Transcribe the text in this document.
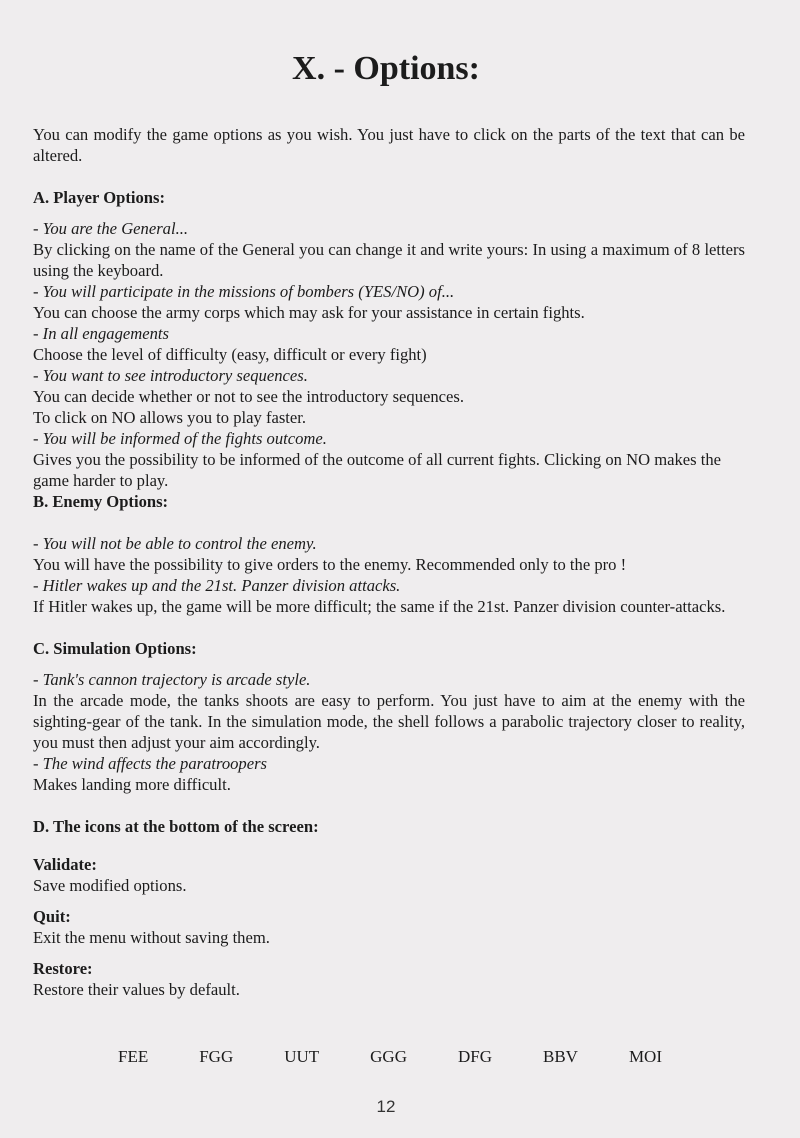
X. - Options:

You can modify the game options as you wish. You just have to click on the parts of the text that can be altered.

A. Player Options:

- You are the General...

By clicking on the name of the General you can change it and write yours: In using a maximum of 8 letters using the keyboard.

- You will participate in the missions of bombers (YES/NO) of...

You can choose the army corps which may ask for your assistance in certain fights.

- In all engagements

Choose the level of difficulty (easy, difficult or every fight)

- You want to see introductory sequences.

You can decide whether or not to see the introductory sequences.

To click on NO allows you to play faster.

- You will be informed of the fights outcome.

Gives you the possibility to be informed of the outcome of all current fights. Clicking on NO makes the game harder to play.

B. Enemy Options:

- You will not be able to control the enemy.

You will have the possibility to give orders to the enemy. Recommended only to the pro !

- Hitler wakes up and the 21st. Panzer division attacks.

If Hitler wakes up, the game will be more difficult; the same if the 21st. Panzer division counter-attacks.

C. Simulation Options:

- Tank's cannon trajectory is arcade style.

In the arcade mode, the tanks shoots are easy to perform. You just have to aim at the enemy with the sighting-gear of the tank. In the simulation mode, the shell follows a parabolic trajectory closer to reality, you must then adjust your aim accordingly.

- The wind affects the paratroopers

Makes landing more difficult.

D. The icons at the bottom of the screen:

Validate:

Save modified options.

Quit:

Exit the menu without saving them.

Restore:

Restore their values by default.

FEE	FGG	UUT	GGG	DFG	BBV	MOI
12
